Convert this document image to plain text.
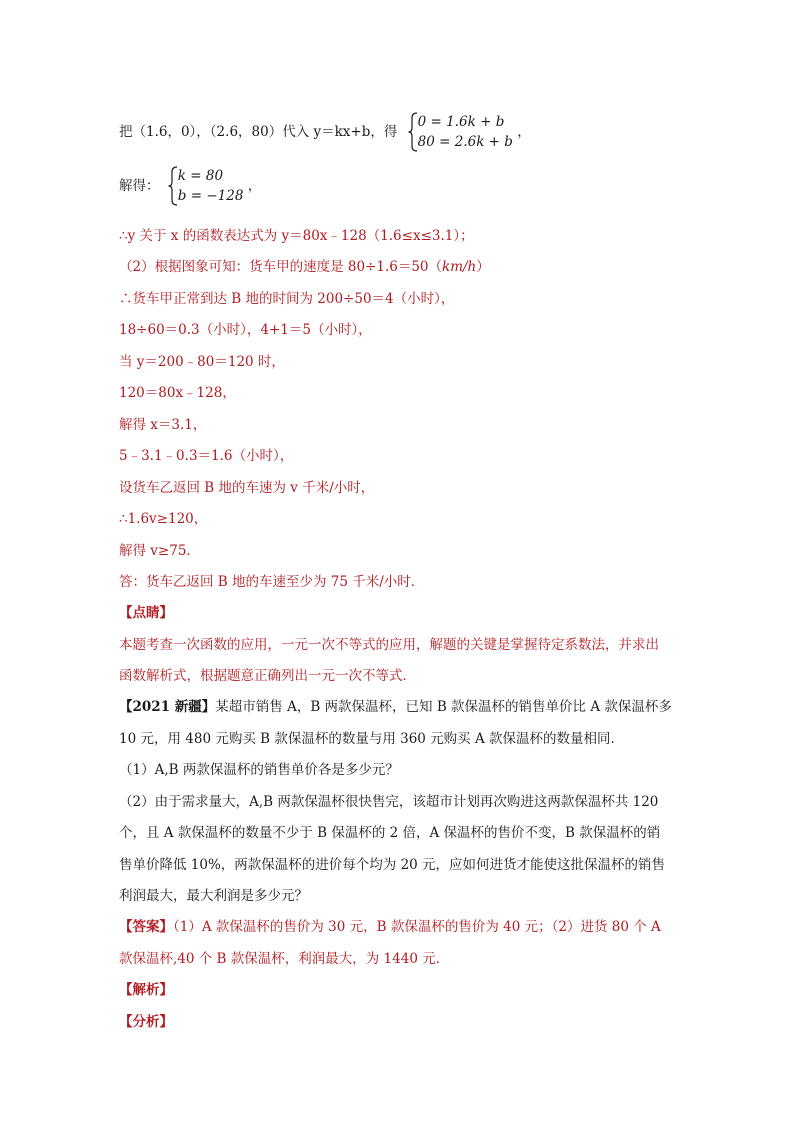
把（1.6，0），（2.6，80）代入 y＝kx+b，得
0 = 1.6k + b
80 = 2.6k + b
，
解得：
k = 80
b = −128
，
∴y 关于 x 的函数表达式为 y＝80x﹣128（1.6≤x≤3.1）；
（2）根据图象可知：货车甲的速度是 80÷1.6＝50（km/h）
∴货车甲正常到达 B 地的时间为 200÷50＝4（小时），
18÷60＝0.3（小时），4+1＝5（小时），
当 y＝200﹣80＝120 时，
120＝80x﹣128，
解得 x＝3.1，
5﹣3.1﹣0.3＝1.6（小时），
设货车乙返回 B 地的车速为 v 千米/小时，
∴1.6v≥120，
解得 v≥75．
答：货车乙返回 B 地的车速至少为 75 千米/小时．
【点睛】
本题考查一次函数的应用，一元一次不等式的应用，解题的关键是掌握待定系数法，并求出
函数解析式，根据题意正确列出一元一次不等式．
【2021 新疆】某超市销售 A，B 两款保温杯，已知 B 款保温杯的销售单价比 A 款保温杯多
10 元，用 480 元购买 B 款保温杯的数量与用 360 元购买 A 款保温杯的数量相同．
（1）A,B 两款保温杯的销售单价各是多少元？
（2）由于需求量大，A,B 两款保温杯很快售完，该超市计划再次购进这两款保温杯共 120
个，且 A 款保温杯的数量不少于 B 保温杯的 2 倍，A 保温杯的售价不变，B 款保温杯的销
售单价降低 10%，两款保温杯的进价每个均为 20 元，应如何进货才能使这批保温杯的销售
利润最大，最大利润是多少元？
【答案】（1）A 款保温杯的售价为 30 元，B 款保温杯的售价为 40 元；（2）进货 80 个 A
款保温杯,40 个 B 款保温杯，利润最大，为 1440 元．
【解析】
【分析】
